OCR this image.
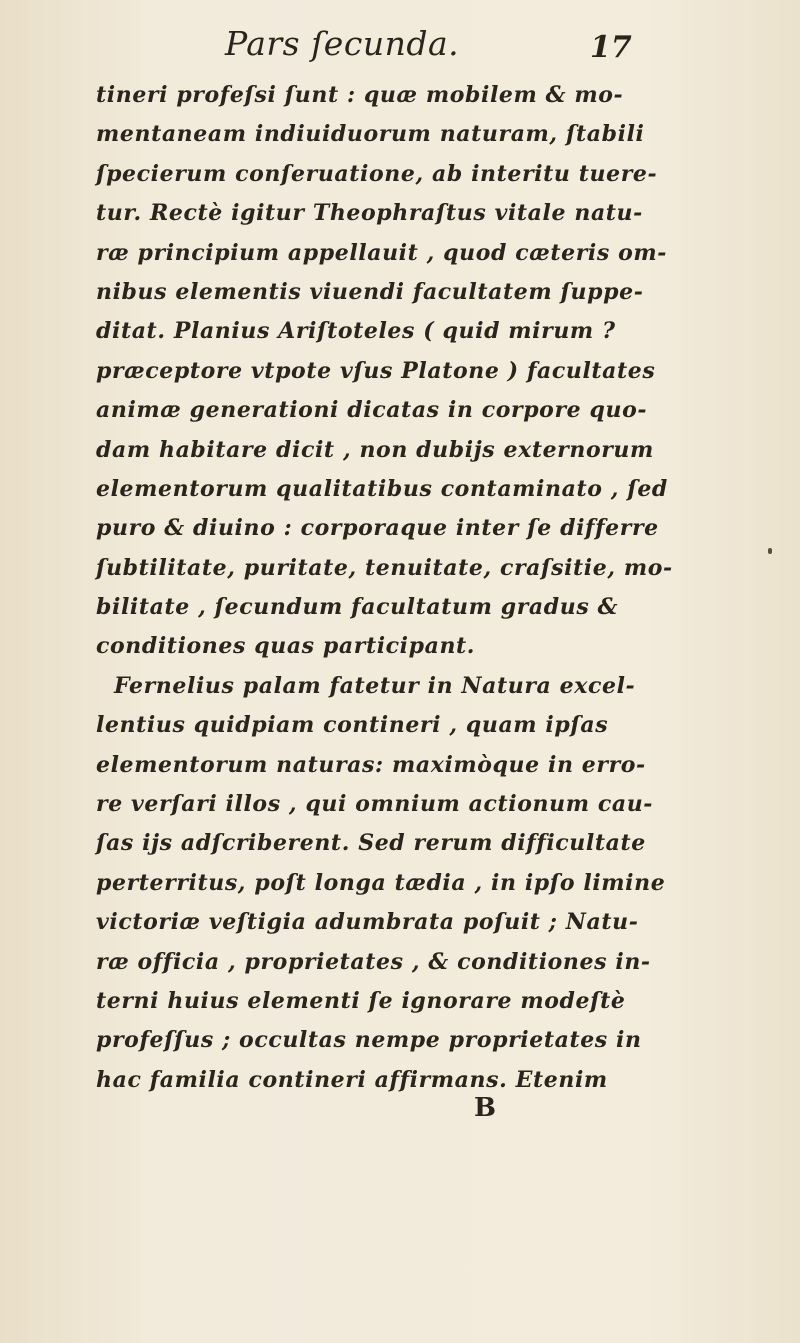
Pars ſecunda.	17
tineri profeſsi ſunt : quæ mobilem & mo-
mentaneam indiuiduorum naturam, ſtabili
ſpecierum conſeruatione, ab interitu tuere-
tur. Rectè igitur Theophraſtus vitale natu-
ræ principium appellauit , quod cæteris om-
nibus elementis viuendi facultatem ſuppe-
ditat. Planius Ariſtoteles ( quid mirum ?
præceptore vtpote vſus Platone ) facultates
animæ generationi dicatas in corpore quo-
dam habitare dicit , non dubijs externorum
elementorum qualitatibus contaminato , ſed
puro & diuino : corporaque inter ſe differre
ſubtilitate, puritate, tenuitate, craſsitie, mo-
bilitate , ſecundum facultatum gradus &
conditiones quas participant.
Fernelius palam fatetur in Natura excel-
lentius quidpiam contineri , quam ipſas
elementorum naturas: maximòque in erro-
re verſari illos , qui omnium actionum cau-
ſas ijs adſcriberent. Sed rerum difficultate
perterritus, poſt longa tædia , in ipſo limine
victoriæ veſtigia adumbrata poſuit ; Natu-
ræ officia , proprietates , & conditiones in-
terni huius elementi ſe ignorare modeſtè
profeſſus ; occultas nempe proprietates in
hac familia contineri affirmans. Etenim
B
